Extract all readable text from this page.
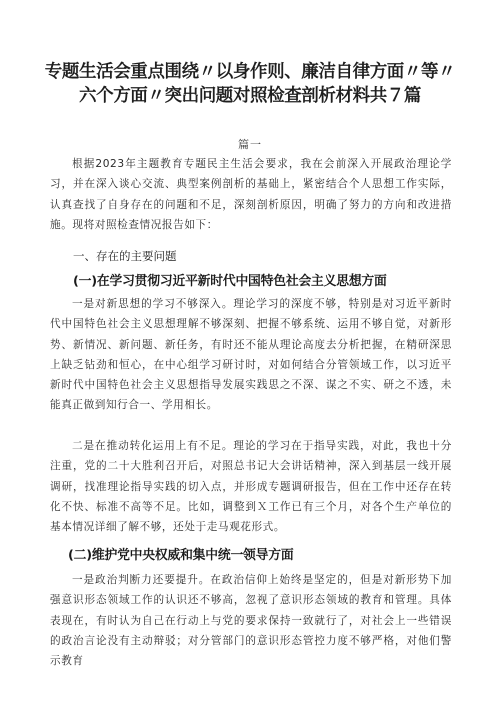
专题生活会重点围绕〃以身作则、廉洁自律方面〃等〃六个方面〃突出问题对照检查剖析材料共７篇
篇一
根据2023年主题教育专题民主生活会要求，我在会前深入开展政治理论学习，并在深入谈心交流、典型案例剖析的基础上，紧密结合个人思想工作实际，认真查找了自身存在的问题和不足，深刻剖析原因，明确了努力的方向和改进措施。现将对照检查情况报告如下：
一、存在的主要问题
(一)在学习贯彻习近平新时代中国特色社会主义思想方面
一是对新思想的学习不够深入。理论学习的深度不够，特别是对习近平新时代中国特色社会主义思想理解不够深刻、把握不够系统、运用不够自觉，对新形势、新情况、新问题、新任务，有时还不能从理论高度去分析把握，在精研深思上缺乏钻劲和恒心，在中心组学习研讨时，对如何结合分管领域工作，以习近平新时代中国特色社会主义思想指导发展实践思之不深、谋之不实、研之不透，未能真正做到知行合一、学用相长。
二是在推动转化运用上有不足。理论的学习在于指导实践，对此，我也十分注重，党的二十大胜利召开后，对照总书记大会讲话精神，深入到基层一线开展调研，找准理论指导实践的切入点，并形成专题调研报告，但在工作中还存在转化不快、标准不高等不足。比如，调整到Ｘ工作已有三个月，对各个生产单位的基本情况详细了解不够，还处于走马观花形式。
(二)维护党中央权威和集中统一领导方面
一是政治判断力还要提升。在政治信仰上始终是坚定的，但是对新形势下加强意识形态领域工作的认识还不够高，忽视了意识形态领域的教育和管理。具体表现在，有时认为自己在行动上与党的要求保持一致就行了，对社会上一些错误的政治言论没有主动辩驳；对分管部门的意识形态管控力度不够严格，对他们警示教育
